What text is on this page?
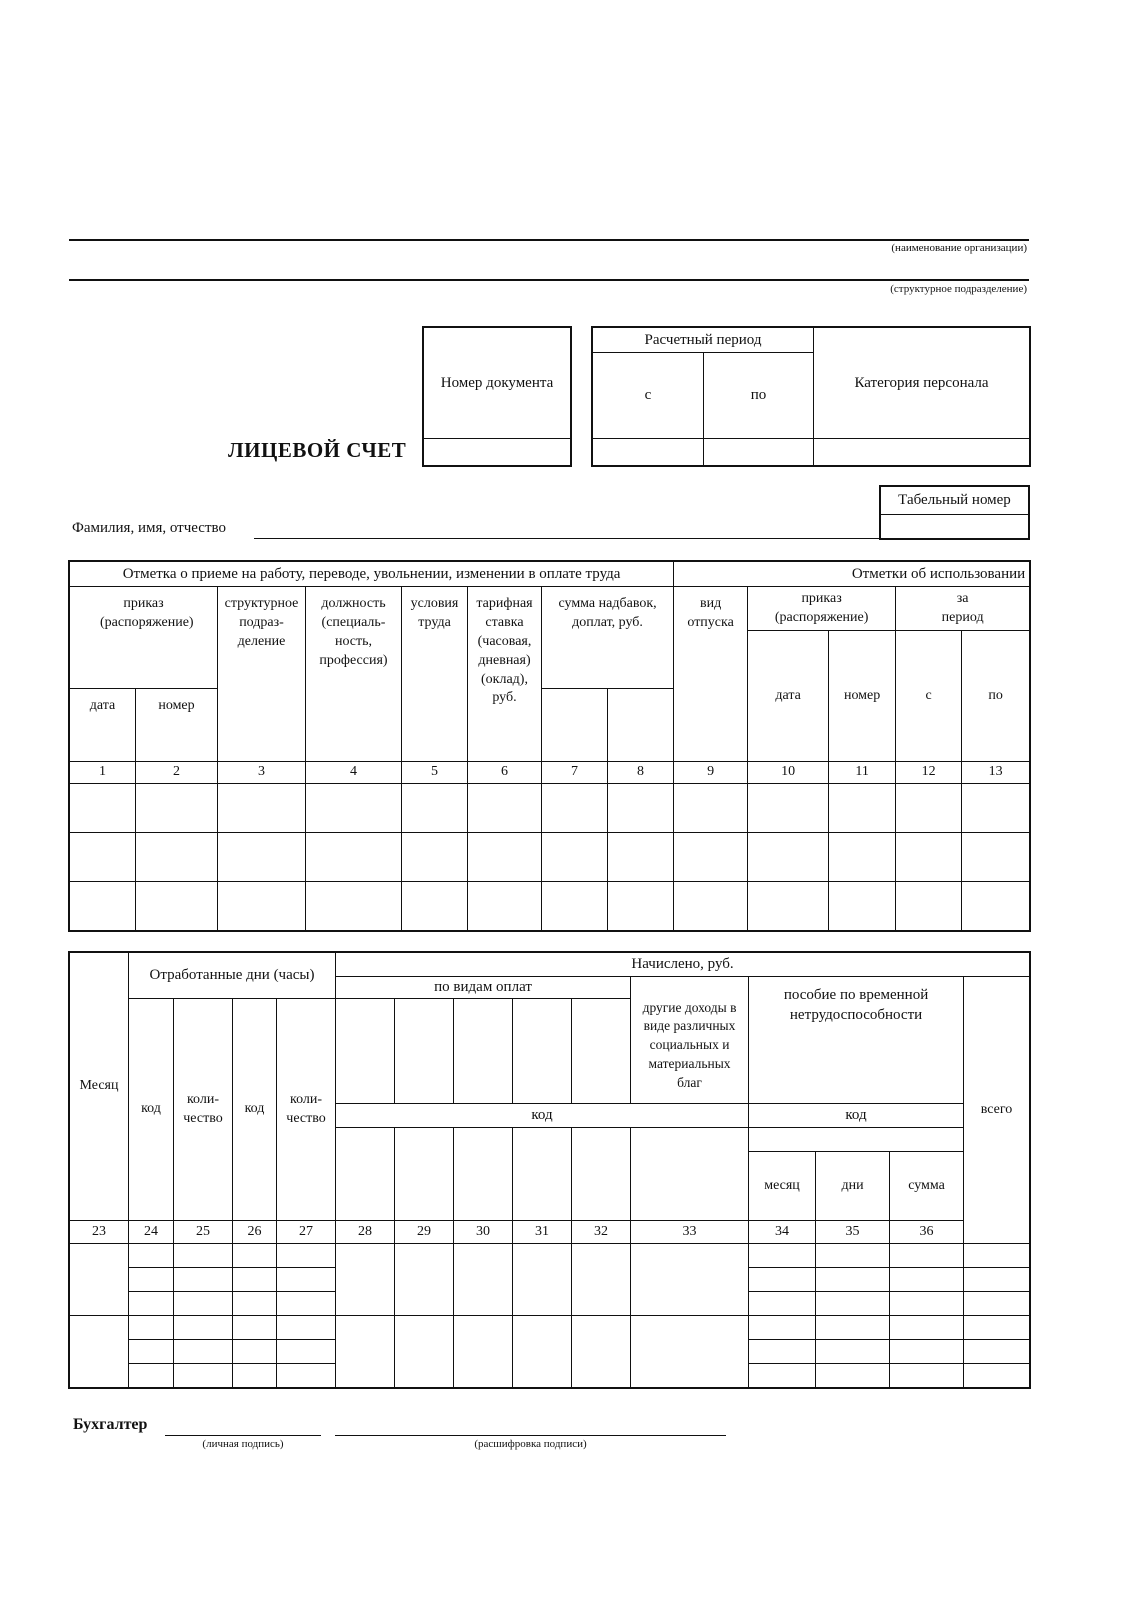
(наименование организации)
(структурное подразделение)
ЛИЦЕВОЙ СЧЕТ
Номер документа

Расчетный период		Категория персонала
с	по	

Табельный номер

Фамилия, имя, отчество
Отметка о приеме на работу, переводе, увольнении, изменении в оплате труда								Отметки об использовании				
приказ (распоряжение)		структурное подраз-деление	должность (специаль-ность, профессия)	условия труда	тарифная ставка (часовая, дневная) (оклад), руб.	сумма надбавок, доплат, руб.		вид отпуска	приказ (распоряжение)		за период	
									дата	номер	с	по
дата	номер											
1	2	3	4	5	6	7	8	9	10	11	12	13

Месяц	Отработанные дни (часы)				Начислено, руб.										
					по видам оплат						пособие по временной нетрудоспособности			всего	
	код	коли-чество	код	коли-чество						другие доходы в виде различных социальных и материальных благ					
					код						код				

											месяц	дни	сумма		
23	24	25	26	27	28	29	30	31	32	33	34	35	36	

Бухгалтер
(личная подпись)	(расшифровка подписи)
